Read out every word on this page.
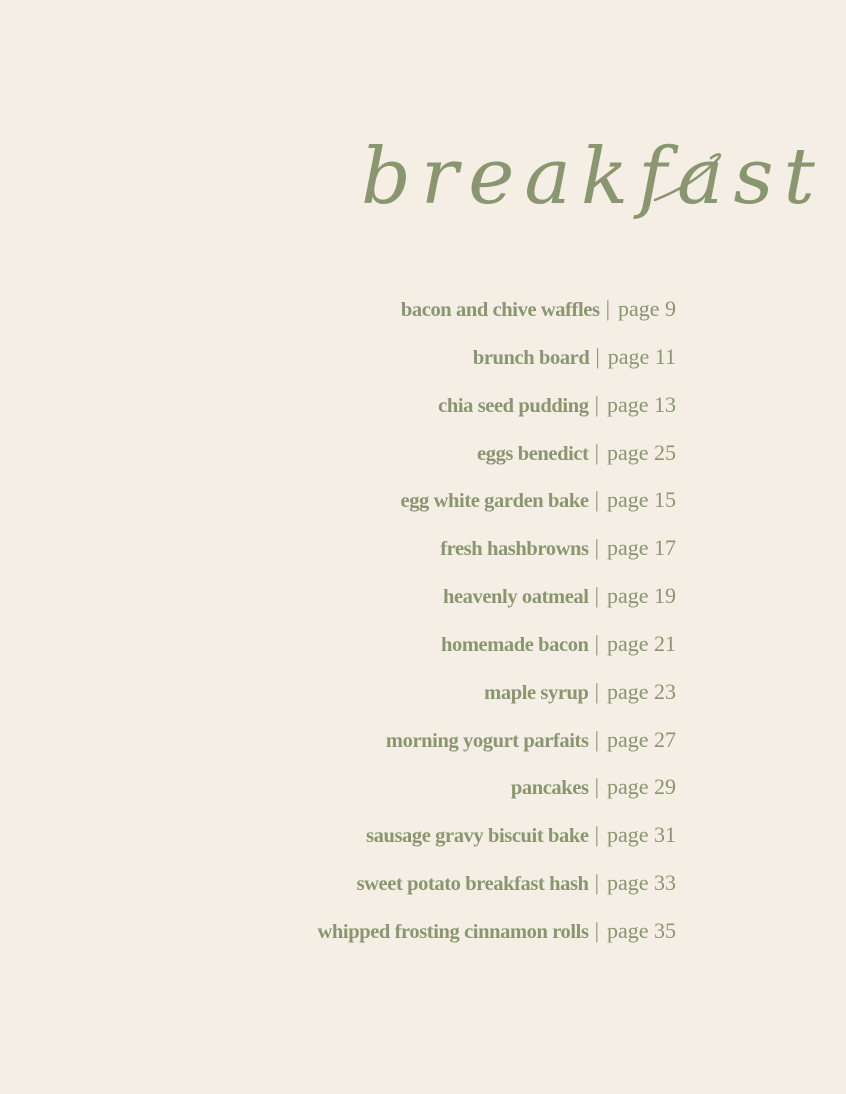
breakfast
bacon and chive waffles | page 9
brunch board | page 11
chia seed pudding | page 13
eggs benedict | page 25
egg white garden bake | page 15
fresh hashbrowns | page 17
heavenly oatmeal | page 19
homemade bacon | page 21
maple syrup | page 23
morning yogurt parfaits | page 27
pancakes | page 29
sausage gravy biscuit bake | page 31
sweet potato breakfast hash | page 33
whipped frosting cinnamon rolls | page 35
